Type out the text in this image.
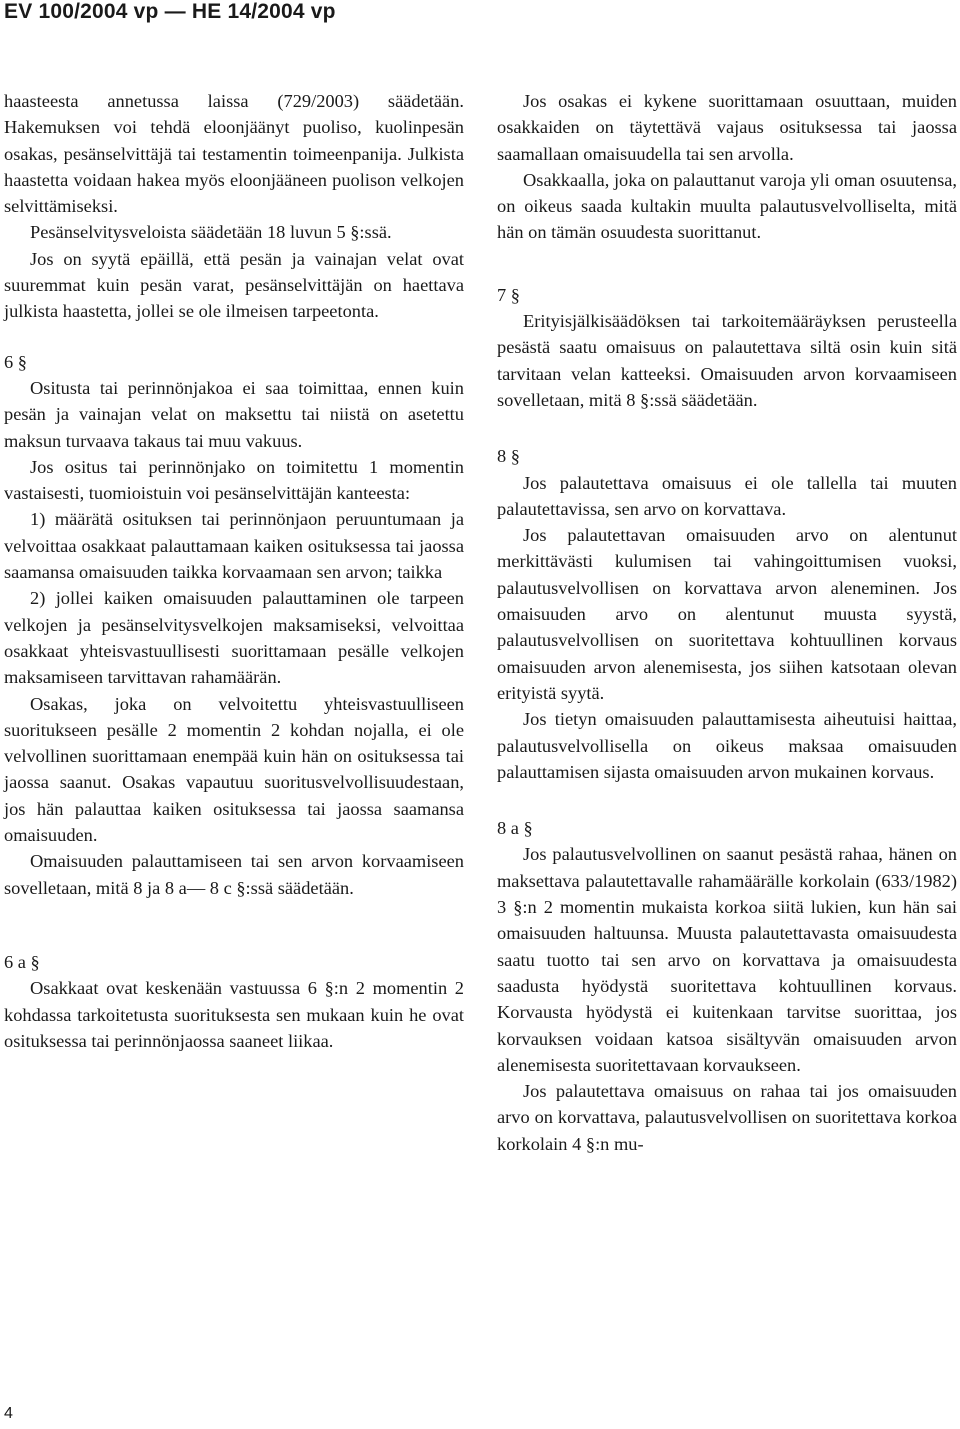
EV 100/2004 vp — HE 14/2004 vp

haasteesta annetussa laissa (729/2003) säädetään. Hakemuksen voi tehdä eloonjäänyt puoliso, kuolinpesän osakas, pesänselvittäjä tai testamentin toimeenpanija. Julkista haastetta voidaan hakea myös eloonjääneen puolison velkojen selvittämiseksi.

Pesänselvitysveloista säädetään 18 luvun 5 §:ssä.

Jos on syytä epäillä, että pesän ja vainajan velat ovat suuremmat kuin pesän varat, pesänselvittäjän on haettava julkista haastetta, jollei se ole ilmeisen tarpeetonta.

6 §

Ositusta tai perinnönjakoa ei saa toimittaa, ennen kuin pesän ja vainajan velat on maksettu tai niistä on asetettu maksun turvaava takaus tai muu vakuus.

Jos ositus tai perinnönjako on toimitettu 1 momentin vastaisesti, tuomioistuin voi pesänselvittäjän kanteesta:

1) määrätä osituksen tai perinnönjaon peruuntumaan ja velvoittaa osakkaat palauttamaan kaiken osituksessa tai jaossa saamansa omaisuuden taikka korvaamaan sen arvon; taikka

2) jollei kaiken omaisuuden palauttaminen ole tarpeen velkojen ja pesänselvitysvelkojen maksamiseksi, velvoittaa osakkaat yhteisvastuullisesti suorittamaan pesälle velkojen maksamiseen tarvittavan rahamäärän.

Osakas, joka on velvoitettu yhteisvastuulliseen suoritukseen pesälle 2 momentin 2 kohdan nojalla, ei ole velvollinen suorittamaan enempää kuin hän on osituksessa tai jaossa saanut. Osakas vapautuu suoritusvelvollisuudestaan, jos hän palauttaa kaiken osituksessa tai jaossa saamansa omaisuuden.

Omaisuuden palauttamiseen tai sen arvon korvaamiseen sovelletaan, mitä 8 ja 8 a— 8 c §:ssä säädetään.

6 a §

Osakkaat ovat keskenään vastuussa 6 §:n 2 momentin 2 kohdassa tarkoitetusta suorituksesta sen mukaan kuin he ovat osituksessa tai perinnönjaossa saaneet liikaa.

Jos osakas ei kykene suorittamaan osuuttaan, muiden osakkaiden on täytettävä vajaus osituksessa tai jaossa saamallaan omaisuudella tai sen arvolla.

Osakkaalla, joka on palauttanut varoja yli oman osuutensa, on oikeus saada kultakin muulta palautusvelvolliselta, mitä hän on tämän osuudesta suorittanut.

7 §

Erityisjälkisäädöksen tai tarkoitemääräyksen perusteella pesästä saatu omaisuus on palautettava siltä osin kuin sitä tarvitaan velan katteeksi. Omaisuuden arvon korvaamiseen sovelletaan, mitä 8 §:ssä säädetään.

8 §

Jos palautettava omaisuus ei ole tallella tai muuten palautettavissa, sen arvo on korvattava.

Jos palautettavan omaisuuden arvo on alentunut merkittävästi kulumisen tai vahingoittumisen vuoksi, palautusvelvollisen on korvattava arvon aleneminen. Jos omaisuuden arvo on alentunut muusta syystä, palautusvelvollisen on suoritettava kohtuullinen korvaus omaisuuden arvon alenemisesta, jos siihen katsotaan olevan erityistä syytä.

Jos tietyn omaisuuden palauttamisesta aiheutuisi haittaa, palautusvelvollisella on oikeus maksaa omaisuuden palauttamisen sijasta omaisuuden arvon mukainen korvaus.

8 a §

Jos palautusvelvollinen on saanut pesästä rahaa, hänen on maksettava palautettavalle rahamäärälle korkolain (633/1982) 3 §:n 2 momentin mukaista korkoa siitä lukien, kun hän sai omaisuuden haltuunsa. Muusta palautettavasta omaisuudesta saatu tuotto tai sen arvo on korvattava ja omaisuudesta saadusta hyödystä suoritettava kohtuullinen korvaus. Korvausta hyödystä ei kuitenkaan tarvitse suorittaa, jos korvauksen voidaan katsoa sisältyvän omaisuuden arvon alenemisesta suoritettavaan korvaukseen.

Jos palautettava omaisuus on rahaa tai jos omaisuuden arvo on korvattava, palautusvelvollisen on suoritettava korkoa korkolain 4 §:n mu-

4
